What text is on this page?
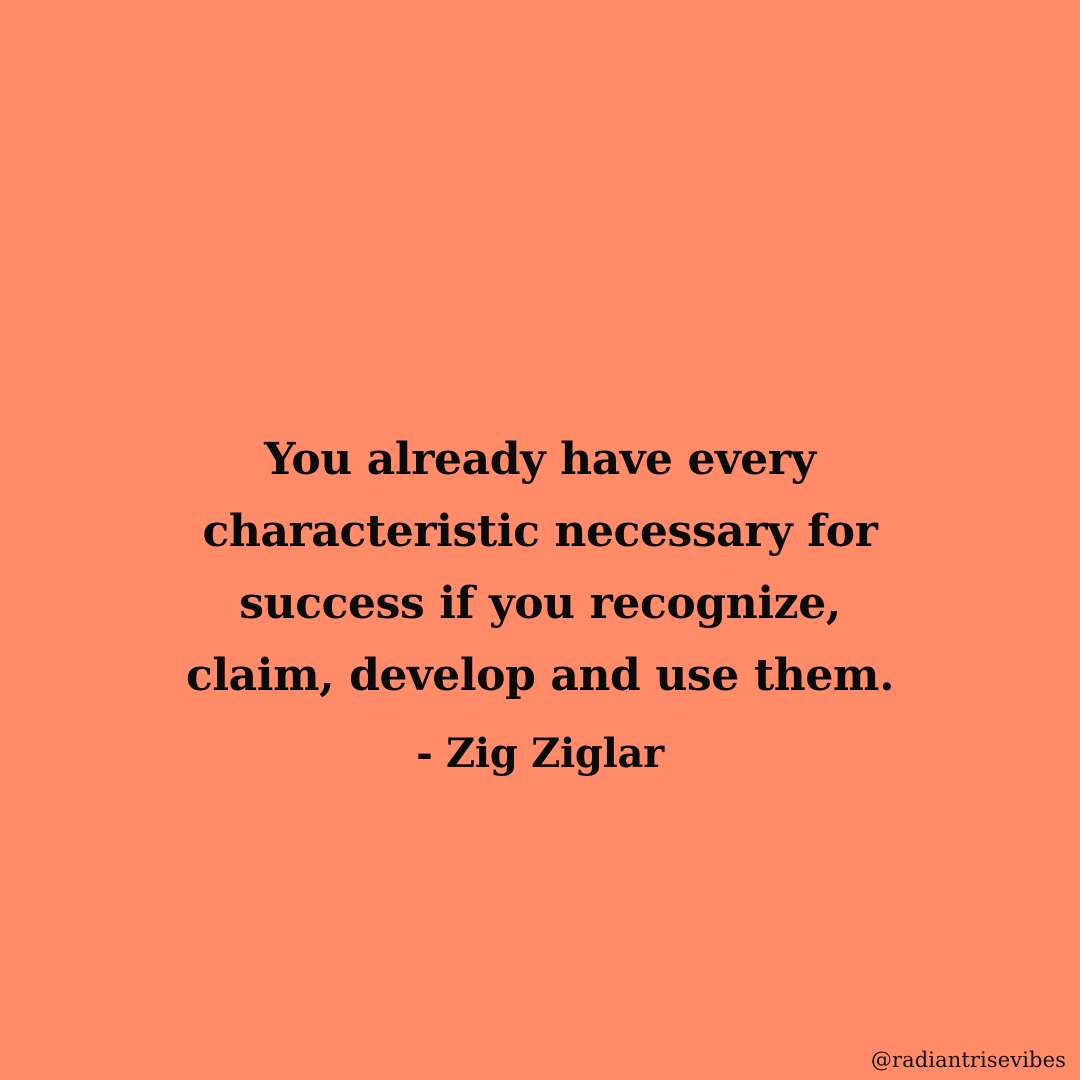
You already have every
characteristic necessary for
success if you recognize,
claim, develop and use them.
- Zig Ziglar
@radiantrisevibes
